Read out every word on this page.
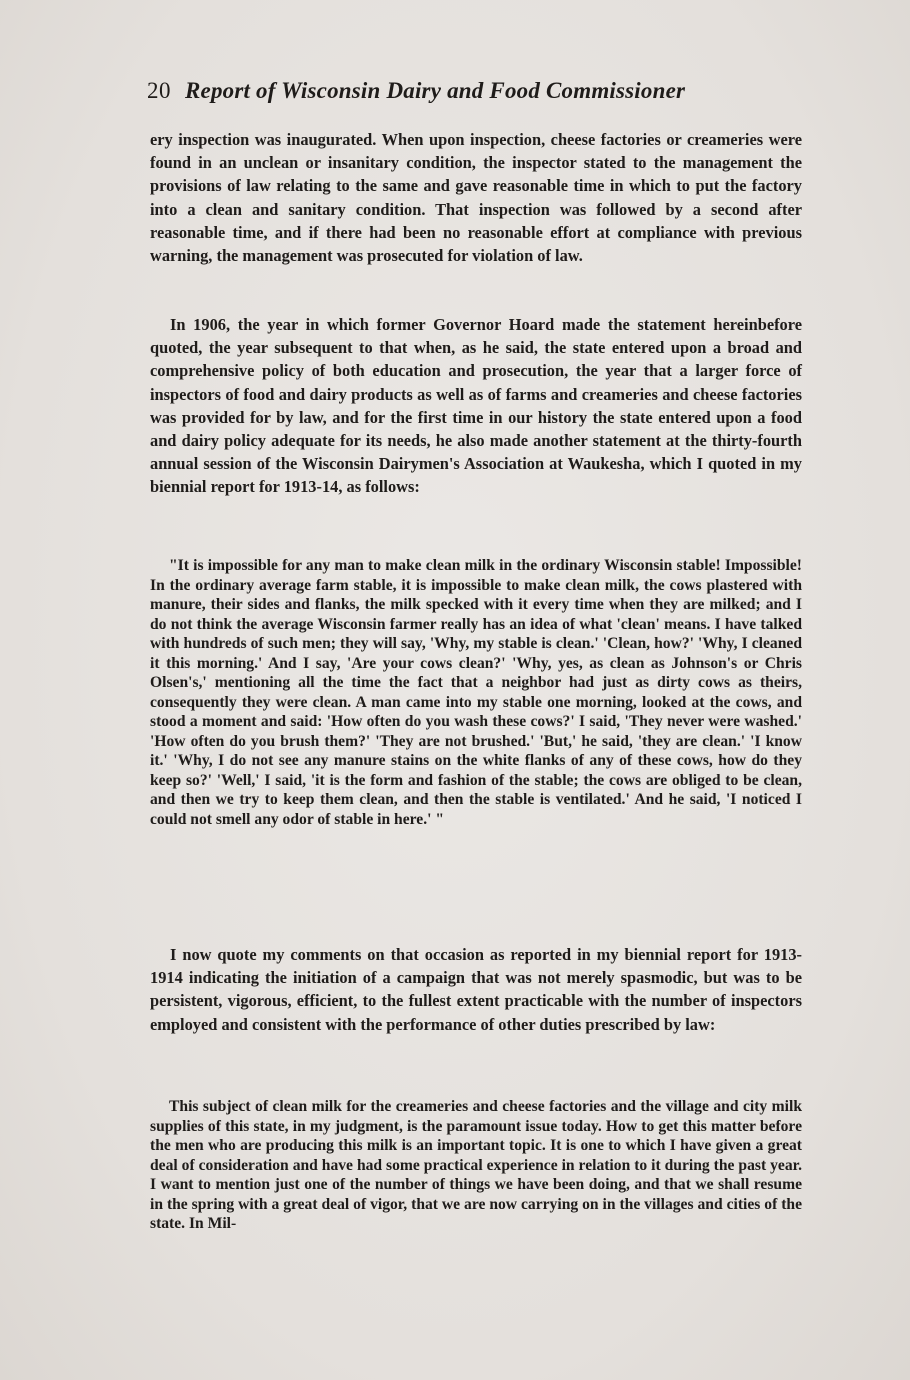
20 Report of Wisconsin Dairy and Food Commissioner

ery inspection was inaugurated. When upon inspection, cheese factories or creameries were found in an unclean or insanitary condition, the inspector stated to the management the provisions of law relating to the same and gave reasonable time in which to put the factory into a clean and sanitary condition. That inspection was followed by a second after reasonable time, and if there had been no reasonable effort at compliance with previous warning, the management was prosecuted for violation of law.

In 1906, the year in which former Governor Hoard made the statement hereinbefore quoted, the year subsequent to that when, as he said, the state entered upon a broad and comprehensive policy of both education and prosecution, the year that a larger force of inspectors of food and dairy products as well as of farms and creameries and cheese factories was provided for by law, and for the first time in our history the state entered upon a food and dairy policy adequate for its needs, he also made another statement at the thirty-fourth annual session of the Wisconsin Dairymen's Association at Waukesha, which I quoted in my biennial report for 1913-14, as follows:

"It is impossible for any man to make clean milk in the ordinary Wisconsin stable! Impossible! In the ordinary average farm stable, it is impossible to make clean milk, the cows plastered with manure, their sides and flanks, the milk specked with it every time when they are milked; and I do not think the average Wisconsin farmer really has an idea of what 'clean' means. I have talked with hundreds of such men; they will say, 'Why, my stable is clean.' 'Clean, how?' 'Why, I cleaned it this morning.' And I say, 'Are your cows clean?' 'Why, yes, as clean as Johnson's or Chris Olsen's,' mentioning all the time the fact that a neighbor had just as dirty cows as theirs, consequently they were clean. A man came into my stable one morning, looked at the cows, and stood a moment and said: 'How often do you wash these cows?' I said, 'They never were washed.' 'How often do you brush them?' 'They are not brushed.' 'But,' he said, 'they are clean.' 'I know it.' 'Why, I do not see any manure stains on the white flanks of any of these cows, how do they keep so?' 'Well,' I said, 'it is the form and fashion of the stable; the cows are obliged to be clean, and then we try to keep them clean, and then the stable is ventilated.' And he said, 'I noticed I could not smell any odor of stable in here.' "

I now quote my comments on that occasion as reported in my biennial report for 1913-1914 indicating the initiation of a campaign that was not merely spasmodic, but was to be persistent, vigorous, efficient, to the fullest extent practicable with the number of inspectors employed and consistent with the performance of other duties prescribed by law:

This subject of clean milk for the creameries and cheese factories and the village and city milk supplies of this state, in my judgment, is the paramount issue today. How to get this matter before the men who are producing this milk is an important topic. It is one to which I have given a great deal of consideration and have had some practical experience in relation to it during the past year. I want to mention just one of the number of things we have been doing, and that we shall resume in the spring with a great deal of vigor, that we are now carrying on in the villages and cities of the state. In Mil-
